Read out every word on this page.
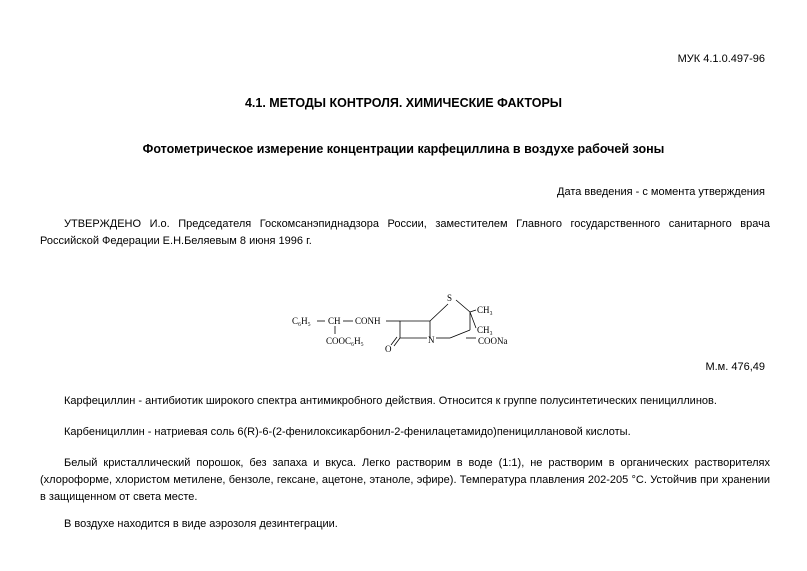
МУК 4.1.0.497-96
4.1. МЕТОДЫ КОНТРОЛЯ. ХИМИЧЕСКИЕ ФАКТОРЫ
Фотометрическое измерение концентрации карфециллина в воздухе рабочей зоны
Дата введения - с момента утверждения
УТВЕРЖДЕНО И.о. Председателя Госкомсанэпиднадзора России, заместителем Главного государственного санитарного врача Российской Федерации Е.Н.Беляевым 8 июня 1996 г.
C₆H₅ CH CONH
COOC₆H₅
O
N
S
CH₃
CH₃
COONa
М.м. 476,49
Карфециллин - антибиотик широкого спектра антимикробного действия. Относится к группе полусинтетических пенициллинов.
Карбенициллин - натриевая соль 6(R)-6-(2-фенилоксикарбонил-2-фенилацетамидо)пенициллановой кислоты.
Белый кристаллический порошок, без запаха и вкуса. Легко растворим в воде (1:1), не растворим в органических растворителях (хлороформе, хлористом метилене, бензоле, гексане, ацетоне, этаноле, эфире). Температура плавления 202-205 °С. Устойчив при хранении в защищенном от света месте.
В воздухе находится в виде аэрозоля дезинтеграции.
